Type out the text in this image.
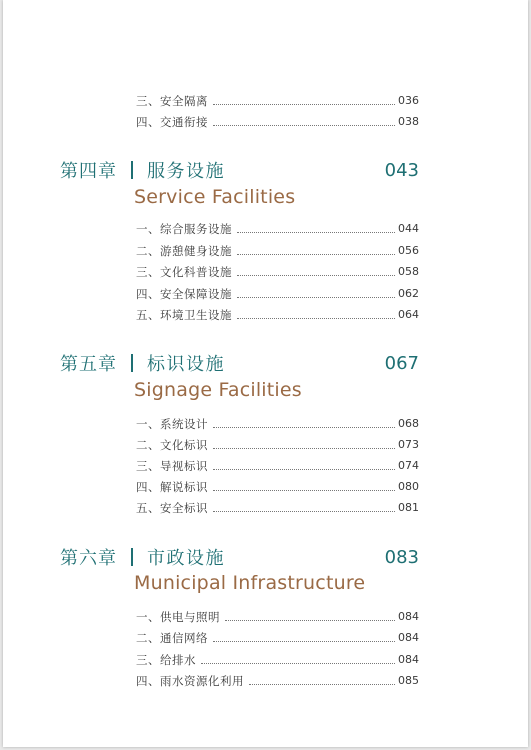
三、安全隔离	036
四、交通衔接	038
第四章 服务设施	043
Service Facilities
一、综合服务设施	044
二、游憩健身设施	056
三、文化科普设施	058
四、安全保障设施	062
五、环境卫生设施	064
第五章 标识设施	067
Signage Facilities
一、系统设计	068
二、文化标识	073
三、导视标识	074
四、解说标识	080
五、安全标识	081
第六章 市政设施	083
Municipal Infrastructure
一、供电与照明	084
二、通信网络	084
三、给排水	084
四、雨水资源化利用	085
